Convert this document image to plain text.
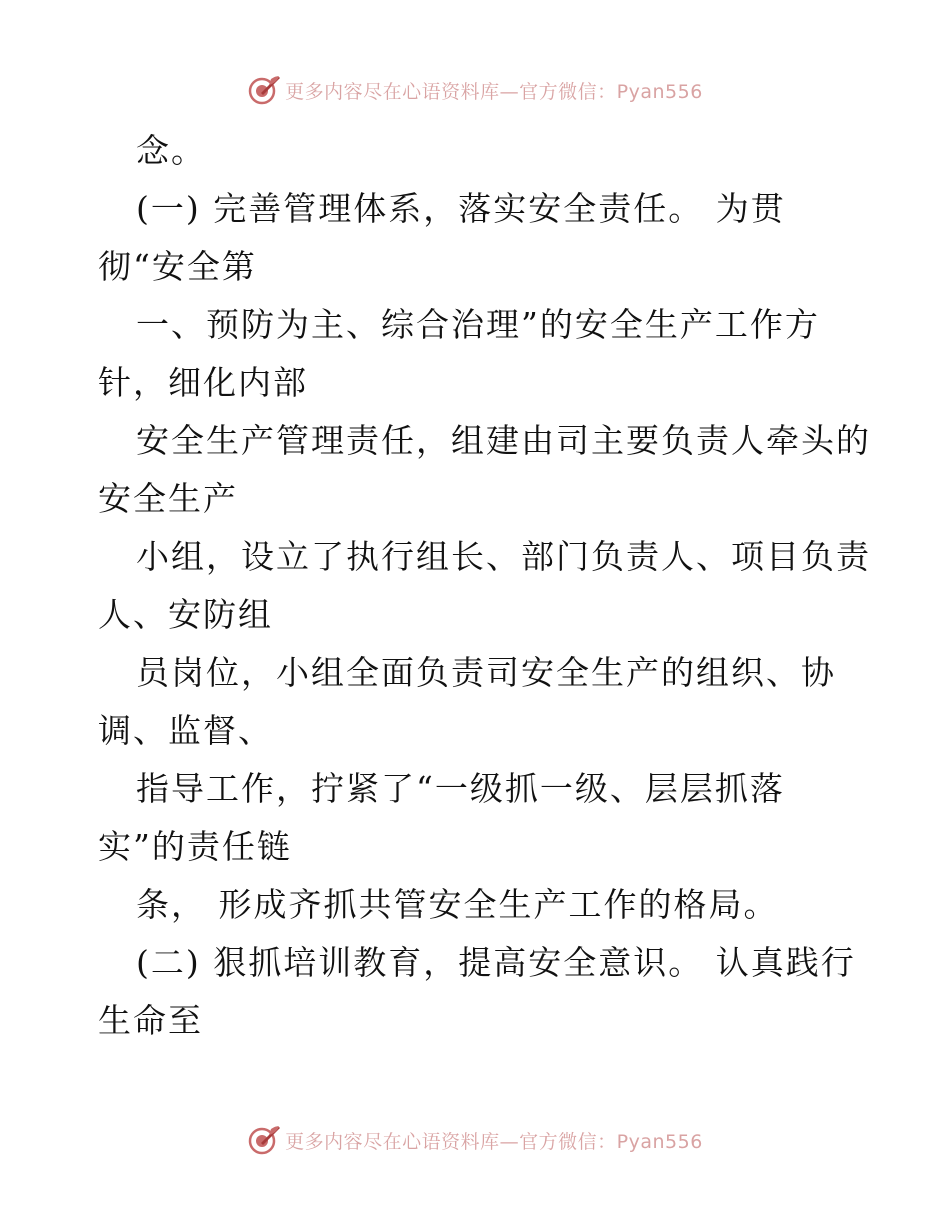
更多内容尽在心语资料库—官方微信：Pyan556
念。
(一) 完善管理体系，落实安全责任。 为贯
彻“安全第
一、预防为主、综合治理”的安全生产工作方
针，细化内部
安全生产管理责任，组建由司主要负责人牵头的
安全生产
小组，设立了执行组长、部门负责人、项目负责
人、安防组
员岗位，小组全面负责司安全生产的组织、协
调、监督、
指导工作，拧紧了“一级抓一级、层层抓落
实”的责任链
条， 形成齐抓共管安全生产工作的格局。
(二) 狠抓培训教育，提高安全意识。 认真践行
生命至
更多内容尽在心语资料库—官方微信：Pyan556
